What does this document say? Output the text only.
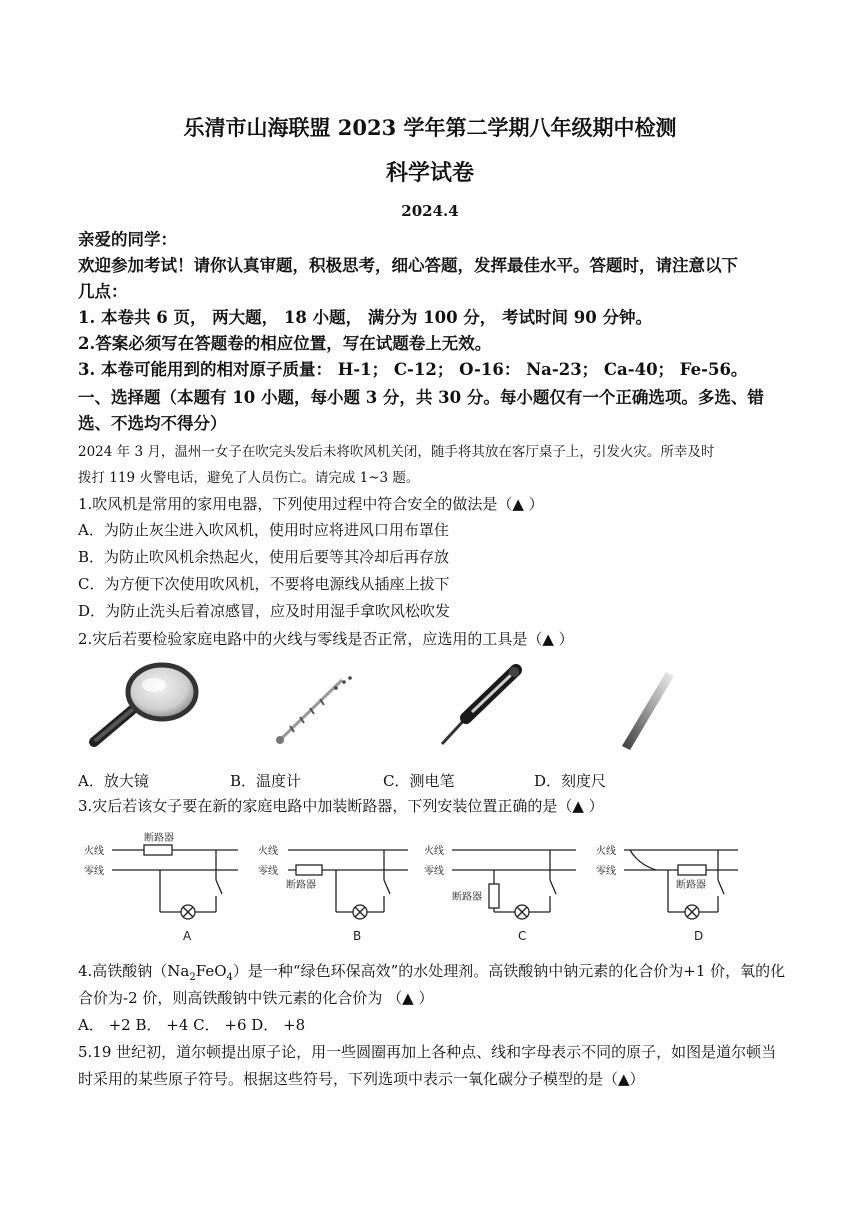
乐清市山海联盟 2023 学年第二学期八年级期中检测
科学试卷
2024.4
亲爱的同学：
欢迎参加考试！请你认真审题，积极思考，细心答题，发挥最佳水平。答题时，请注意以下
几点：
1. 本卷共 6 页， 两大题， 18 小题， 满分为 100 分， 考试时间 90 分钟。
2.答案必须写在答题卷的相应位置，写在试题卷上无效。
3. 本卷可能用到的相对原子质量： H-1； C-12； O-16： Na-23； Ca-40； Fe-56。
一、选择题（本题有 10 小题，每小题 3 分，共 30 分。每小题仅有一个正确选项。多选、错
选、不选均不得分）
2024 年 3 月，温州一女子在吹完头发后未将吹风机关闭，随手将其放在客厅桌子上，引发火灾。所幸及时
拨打 119 火警电话，避免了人员伤亡。请完成 1~3 题。
1.吹风机是常用的家用电器，下列使用过程中符合安全的做法是（▲ ）
A．为防止灰尘进入吹风机，使用时应将进风口用布罩住
B．为防止吹风机余热起火，使用后要等其冷却后再存放
C．为方便下次使用吹风机，不要将电源线从插座上拔下
D．为防止洗头后着凉感冒，应及时用湿手拿吹风松吹发
2.灾后若要检验家庭电路中的火线与零线是否正常，应选用的工具是（▲ ）
A．放大镜	B．温度计	C．测电笔	D．刻度尺
3.灾后若该女子要在新的家庭电路中加装断路器，下列安装位置正确的是（▲ ）
火线
零线
断路器
A
火线
零线
断路器
B
火线
零线
断路器
C
火线
零线
断路器
D
4.高铁酸钠$(Na_2FeO_4)$是一种“绿色环保高效”的水处理剂。高铁酸钠中钠元素的化合价为+1 价，氧的化
合价为-2 价，则高铁酸钠中铁元素的化合价为 （▲ ）
A． +2 B． +4 C． +6 D． +8
5.19 世纪初，道尔顿提出原子论，用一些圆圈再加上各种点、线和字母表示不同的原子，如图是道尔顿当
时采用的某些原子符号。根据这些符号，下列选项中表示一氧化碳分子模型的是（▲）
